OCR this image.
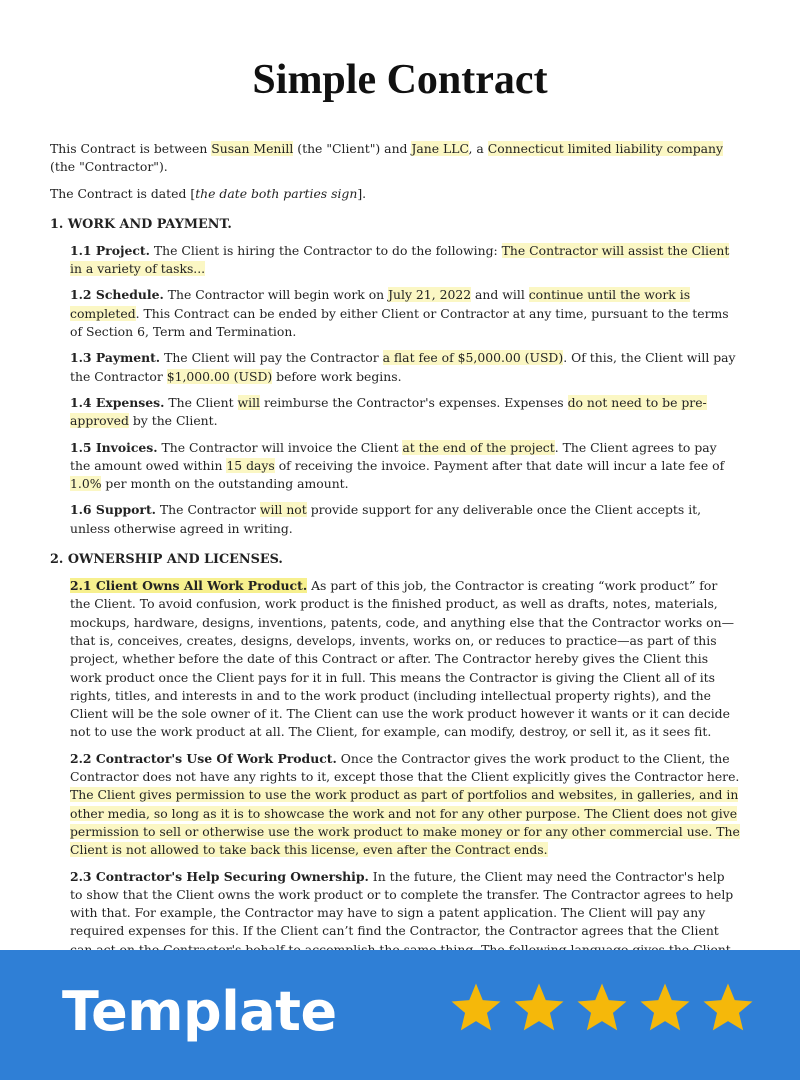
Simple Contract

This Contract is between Susan Menill (the "Client") and Jane LLC, a Connecticut limited liability company (the "Contractor").

The Contract is dated [the date both parties sign].

1. WORK AND PAYMENT.

1.1 Project. The Client is hiring the Contractor to do the following: The Contractor will assist the Client in a variety of tasks...

1.2 Schedule. The Contractor will begin work on July 21, 2022 and will continue until the work is completed. This Contract can be ended by either Client or Contractor at any time, pursuant to the terms of Section 6, Term and Termination.

1.3 Payment. The Client will pay the Contractor a flat fee of $5,000.00 (USD). Of this, the Client will pay the Contractor $1,000.00 (USD) before work begins.

1.4 Expenses. The Client will reimburse the Contractor's expenses. Expenses do not need to be pre-approved by the Client.

1.5 Invoices. The Contractor will invoice the Client at the end of the project. The Client agrees to pay the amount owed within 15 days of receiving the invoice. Payment after that date will incur a late fee of 1.0% per month on the outstanding amount.

1.6 Support. The Contractor will not provide support for any deliverable once the Client accepts it, unless otherwise agreed in writing.

2. OWNERSHIP AND LICENSES.

2.1 Client Owns All Work Product. As part of this job, the Contractor is creating “work product” for the Client. To avoid confusion, work product is the finished product, as well as drafts, notes, materials, mockups, hardware, designs, inventions, patents, code, and anything else that the Contractor works on—that is, conceives, creates, designs, develops, invents, works on, or reduces to practice—as part of this project, whether before the date of this Contract or after. The Contractor hereby gives the Client this work product once the Client pays for it in full. This means the Contractor is giving the Client all of its rights, titles, and interests in and to the work product (including intellectual property rights), and the Client will be the sole owner of it. The Client can use the work product however it wants or it can decide not to use the work product at all. The Client, for example, can modify, destroy, or sell it, as it sees fit.

2.2 Contractor's Use Of Work Product. Once the Contractor gives the work product to the Client, the Contractor does not have any rights to it, except those that the Client explicitly gives the Contractor here. The Client gives permission to use the work product as part of portfolios and websites, in galleries, and in other media, so long as it is to showcase the work and not for any other purpose. The Client does not give permission to sell or otherwise use the work product to make money or for any other commercial use. The Client is not allowed to take back this license, even after the Contract ends.

2.3 Contractor's Help Securing Ownership. In the future, the Client may need the Contractor's help to show that the Client owns the work product or to complete the transfer. The Contractor agrees to help with that. For example, the Contractor may have to sign a patent application. The Client will pay any required expenses for this. If the Client can’t find the Contractor, the Contractor agrees that the Client

Template
